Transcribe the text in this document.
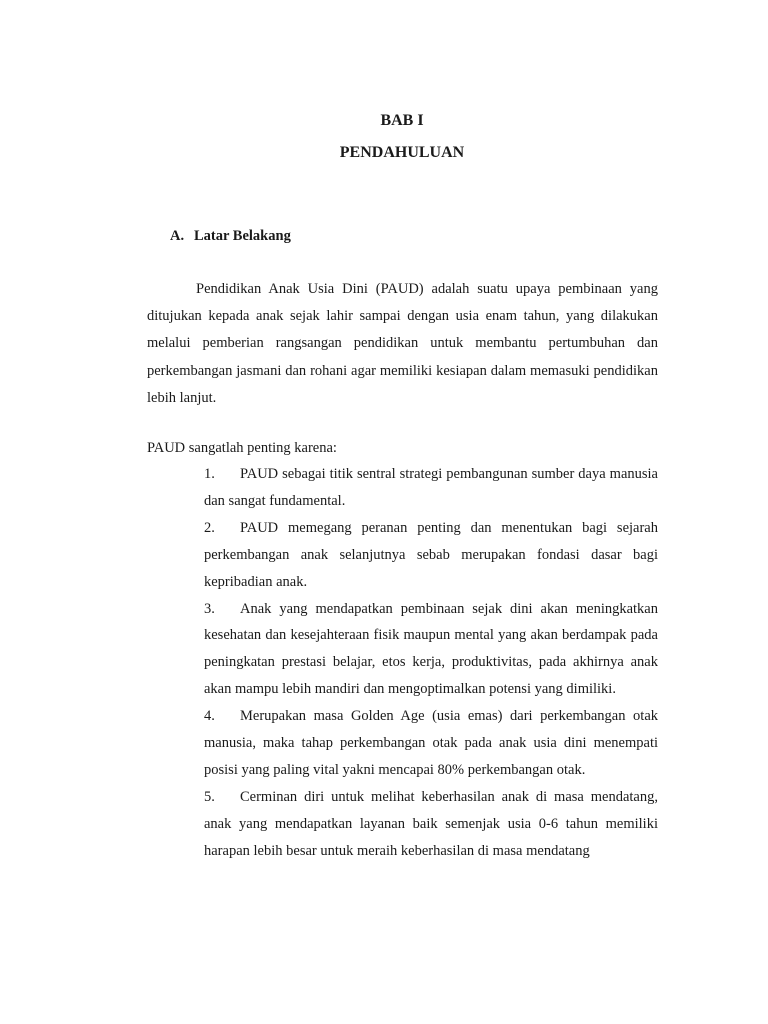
BAB I
PENDAHULUAN
A. Latar Belakang

Pendidikan Anak Usia Dini (PAUD) adalah suatu upaya pembinaan yang ditujukan kepada anak sejak lahir sampai dengan usia enam tahun, yang dilakukan melalui pemberian rangsangan pendidikan untuk membantu pertumbuhan dan perkembangan jasmani dan rohani agar memiliki kesiapan dalam memasuki pendidikan lebih lanjut.

PAUD sangatlah penting karena:
1. PAUD sebagai titik sentral strategi pembangunan sumber daya manusia dan sangat fundamental.
2. PAUD memegang peranan penting dan menentukan bagi sejarah perkembangan anak selanjutnya sebab merupakan fondasi dasar bagi kepribadian anak.
3. Anak yang mendapatkan pembinaan sejak dini akan meningkatkan kesehatan dan kesejahteraan fisik maupun mental yang akan berdampak pada peningkatan prestasi belajar, etos kerja, produktivitas, pada akhirnya anak akan mampu lebih mandiri dan mengoptimalkan potensi yang dimiliki.
4. Merupakan masa Golden Age (usia emas) dari perkembangan otak manusia, maka tahap perkembangan otak pada anak usia dini menempati posisi yang paling vital yakni mencapai 80% perkembangan otak.
5. Cerminan diri untuk melihat keberhasilan anak di masa mendatang, anak yang mendapatkan layanan baik semenjak usia 0-6 tahun memiliki harapan lebih besar untuk meraih keberhasilan di masa mendatang
